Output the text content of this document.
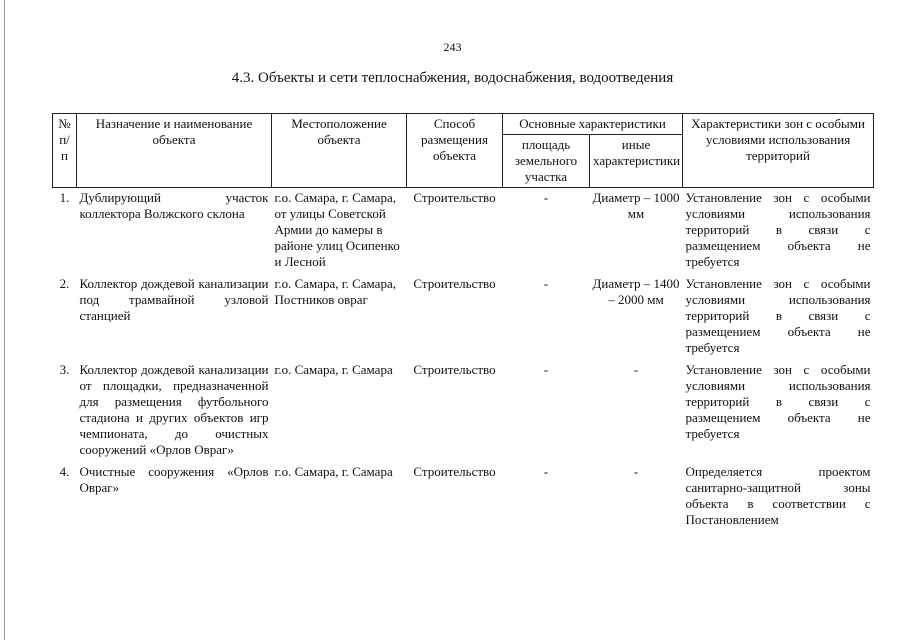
243
4.3. Объекты и сети теплоснабжения, водоснабжения, водоотведения
№ п/п	Назначение и наименование объекта	Местоположение объекта	Способ размещения объекта	Основные характеристики		Характеристики зон с особыми условиями использования территорий
				площадь земельного участка	иные характеристики	
1.	Дублирующий участок коллектора Волжского склона	г.о. Самара, г. Самара, от улицы Советской Армии до камеры в районе улиц Осипенко и Лесной	Строительство	-	Диаметр – 1000 мм	Установление зон с особыми условиями использования территорий в связи с размещением объекта не требуется
2.	Коллектор дождевой канализации под трамвайной узловой станцией	г.о. Самара, г. Самара, Постников овраг	Строительство	-	Диаметр – 1400 – 2000 мм	Установление зон с особыми условиями использования территорий в связи с размещением объекта не требуется
3.	Коллектор дождевой канализации от площадки, предназначенной для размещения футбольного стадиона и других объектов игр чемпионата, до очистных сооружений «Орлов Овраг»	г.о. Самара, г. Самара	Строительство	-	-	Установление зон с особыми условиями использования территорий в связи с размещением объекта не требуется
4.	Очистные сооружения «Орлов Овраг»	г.о. Самара, г. Самара	Строительство	-	-	Определяется проектом санитарно-защитной зоны объекта в соответствии с Постановлением
